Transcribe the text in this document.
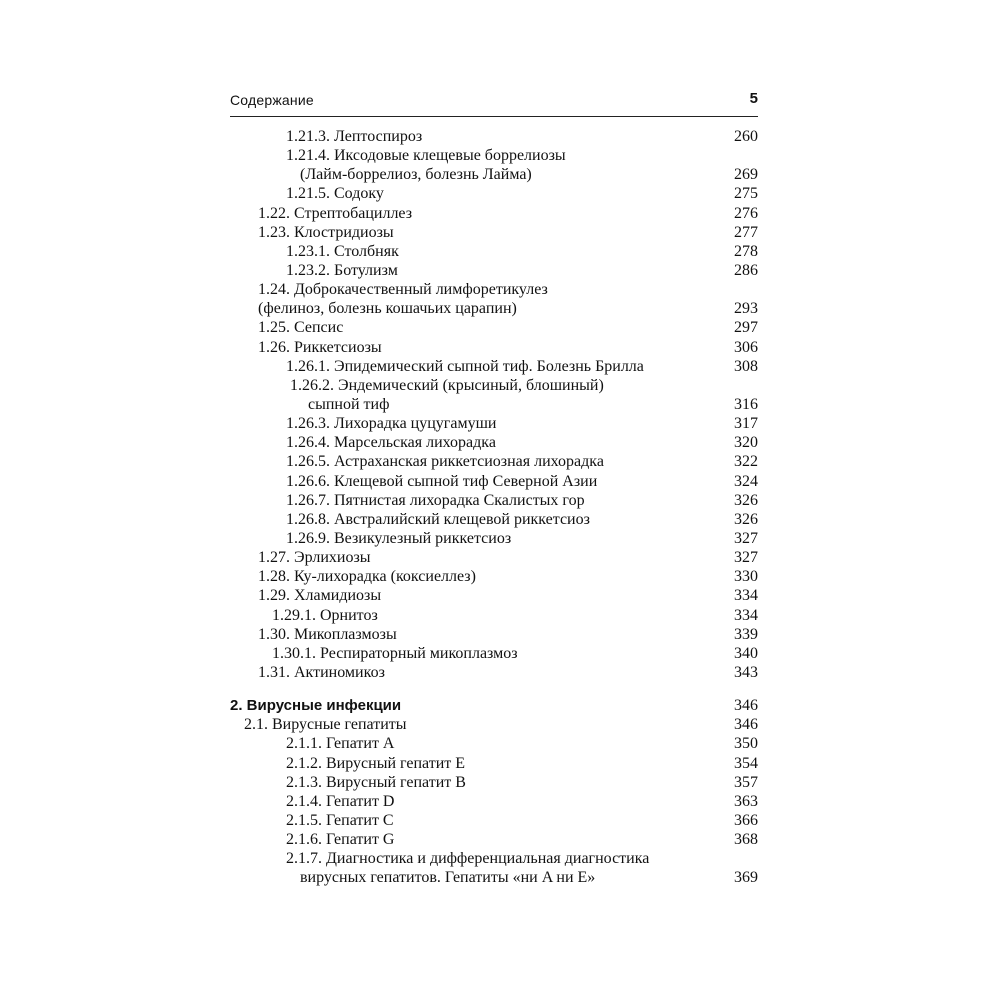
Содержание	5
1.21.3. Лептоспироз	260
1.21.4. Иксодовые клещевые боррелиозы
(Лайм-боррелиоз, болезнь Лайма)	269
1.21.5. Содоку	275
1.22. Стрептобациллез	276
1.23. Клостридиозы	277
1.23.1. Столбняк	278
1.23.2. Ботулизм	286
1.24. Доброкачественный лимфоретикулез
(фелиноз, болезнь кошачьих царапин)	293
1.25. Сепсис	297
1.26. Риккетсиозы	306
1.26.1. Эпидемический сыпной тиф. Болезнь Брилла	308
1.26.2. Эндемический (крысиный, блошиный)
сыпной тиф	316
1.26.3. Лихорадка цуцугамуши	317
1.26.4. Марсельская лихорадка	320
1.26.5. Астраханская риккетсиозная лихорадка	322
1.26.6. Клещевой сыпной тиф Северной Азии	324
1.26.7. Пятнистая лихорадка Скалистых гор	326
1.26.8. Австралийский клещевой риккетсиоз	326
1.26.9. Везикулезный риккетсиоз	327
1.27. Эрлихиозы	327
1.28. Ку-лихорадка (коксиеллез)	330
1.29. Хламидиозы	334
1.29.1. Орнитоз	334
1.30. Микоплазмозы	339
1.30.1. Респираторный микоплазмоз	340
1.31. Актиномикоз	343
2. Вирусные инфекции	346
2.1. Вирусные гепатиты	346
2.1.1. Гепатит A	350
2.1.2. Вирусный гепатит E	354
2.1.3. Вирусный гепатит B	357
2.1.4. Гепатит D	363
2.1.5. Гепатит C	366
2.1.6. Гепатит G	368
2.1.7. Диагностика и дифференциальная диагностика
вирусных гепатитов. Гепатиты «ни A ни E»	369
